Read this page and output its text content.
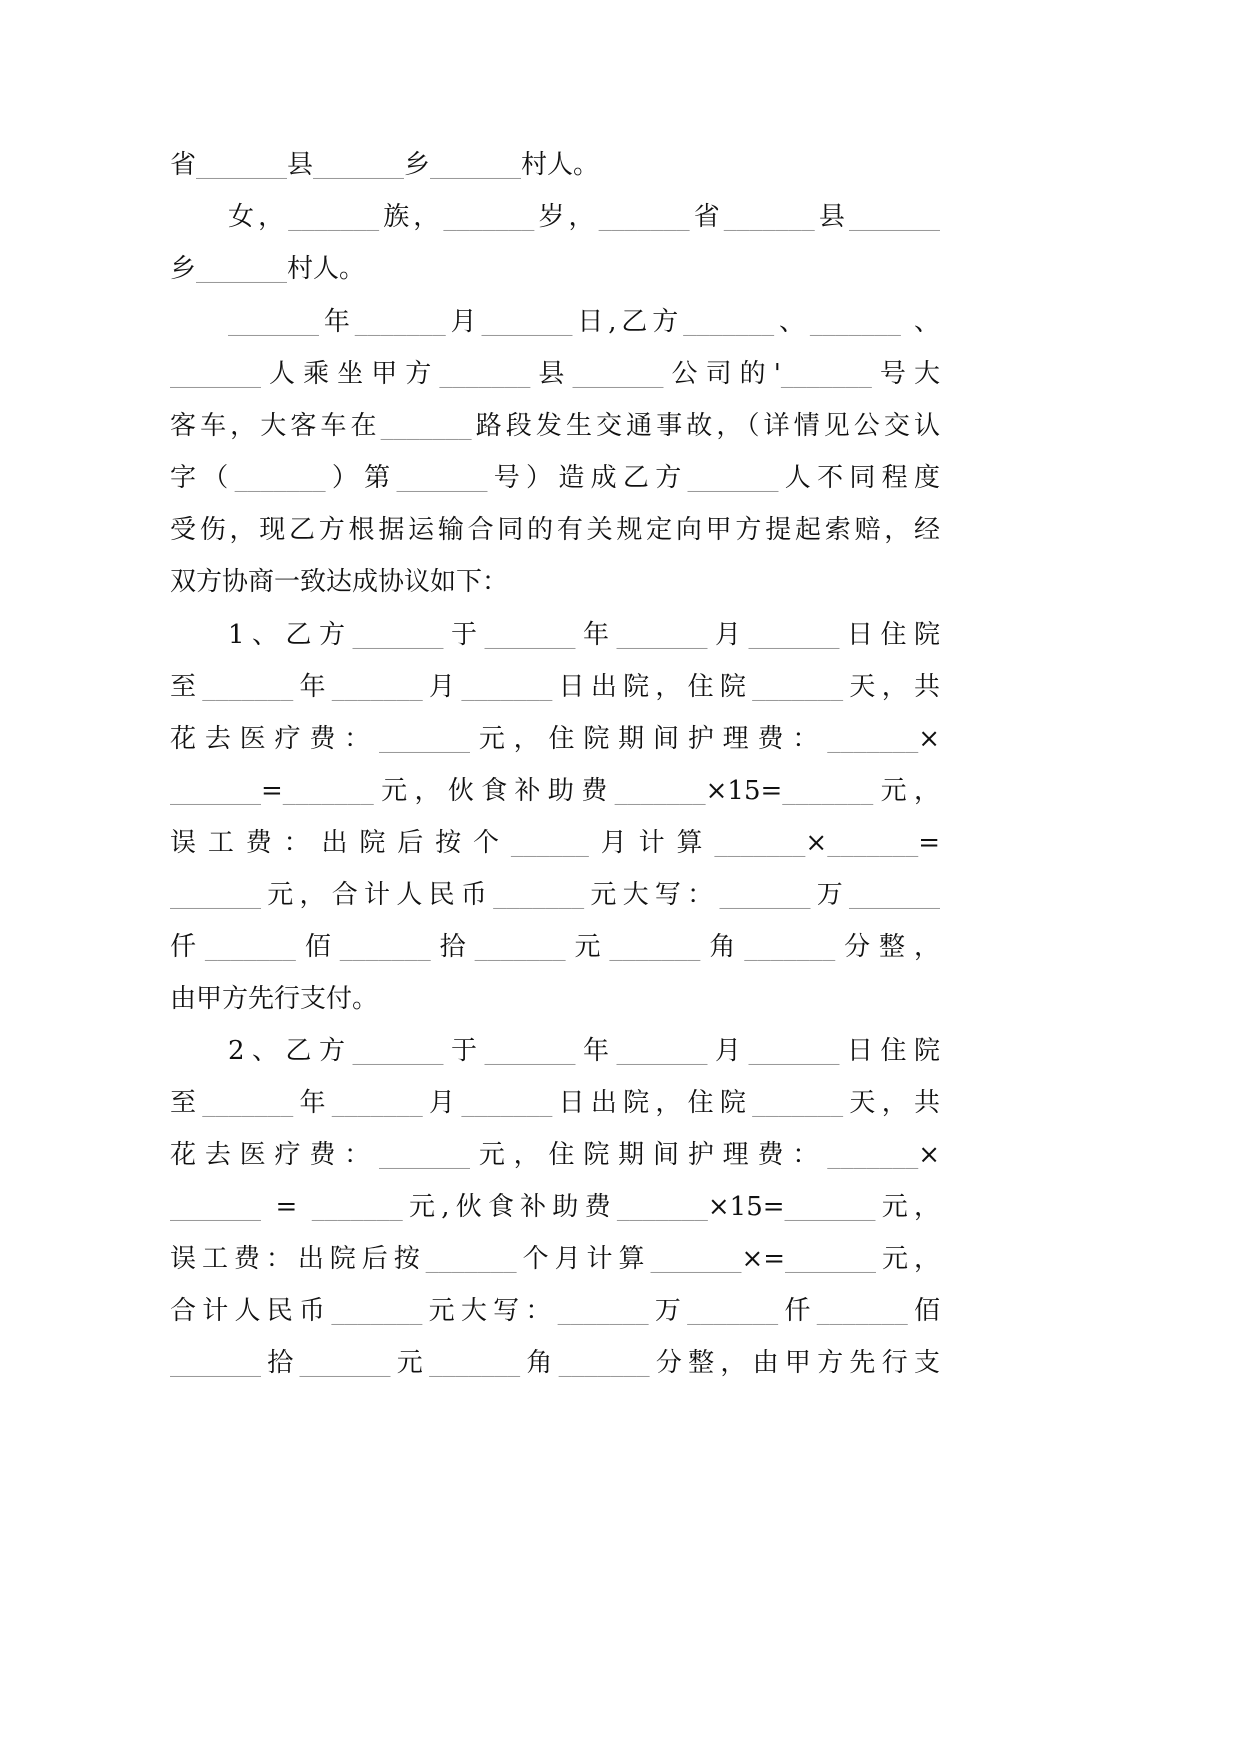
省_______县_______乡_______村人。
女，_______族，_______岁，_______省_______县_______
乡_______村人。
_______年_______月_______日,乙方_______、_______ 、
_______人乘坐甲方_______县_______公司的'_______号大
客车，大客车在_______路段发生交通事故，（详情见公交认
字（_______）第_______号）造成乙方_______人不同程度
受伤，现乙方根据运输合同的有关规定向甲方提起索赔，经
双方协商一致达成协议如下：
1、乙方_______于_______年_______月_______日住院
至_______年_______月_______日出院，住院_______天，共
花去医疗费：_______元，住院期间护理费：_______×
_______=_______元，伙食补助费_______×15=_______元，
误工费：出院后按个______月计算_______×_______=
_______元，合计人民币_______元大写：_______万_______
仟_______佰_______拾_______元_______角_______分整，
由甲方先行支付。
2、乙方_______于_______年_______月_______日住院
至_______年_______月_______日出院，住院_______天，共
花去医疗费：_______元，住院期间护理费：_______×
_______ = _______元,伙食补助费_______×15=_______元，
误工费：出院后按_______个月计算_______×=_______元，
合计人民币_______元大写：_______万_______仟_______佰
_______拾_______元_______角_______分整，由甲方先行支
